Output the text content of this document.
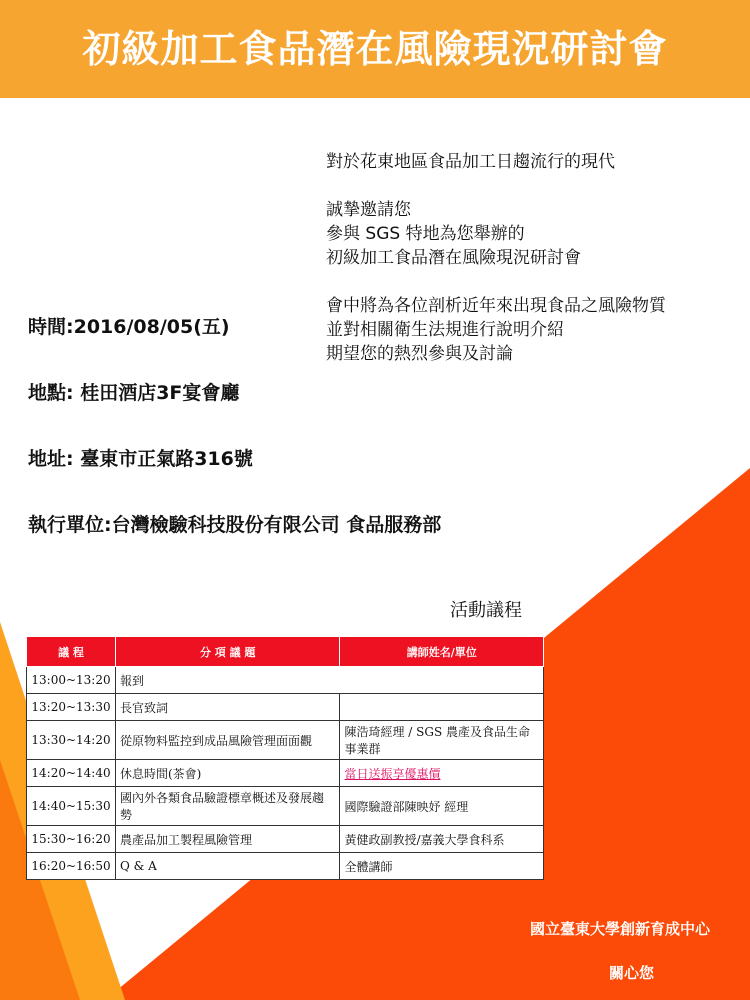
初級加工食品潛在風險現況研討會
對於花東地區食品加工日趨流行的現代

誠摯邀請您
參與 SGS 特地為您舉辦的
初級加工食品潛在風險現況研討會

會中將為各位剖析近年來出現食品之風險物質
並對相關衛生法規進行說明介紹
期望您的熱烈參與及討論
時間:2016/08/05(五)
地點: 桂田酒店3F宴會廳
地址: 臺東市正氣路316號
執行單位:台灣檢驗科技股份有限公司 食品服務部
活動議程
議 程	分 項 議 題	講師姓名/單位
13:00~13:20	報到	
13:20~13:30	長官致詞	
13:30~14:20	從原物料監控到成品風險管理面面觀	陳浩琦經理 / SGS 農產及食品生命事業群
14:20~14:40	休息時間(茶會)	當日送振享優惠價
14:40~15:30	國內外各類食品驗證標章概述及發展趨勢	國際驗證部陳映妤 經理
15:30~16:20	農產品加工製程風險管理	黃健政副教授/嘉義大學食科系
16:20~16:50	Q & A	全體講師
國立臺東大學創新育成中心
關心您
